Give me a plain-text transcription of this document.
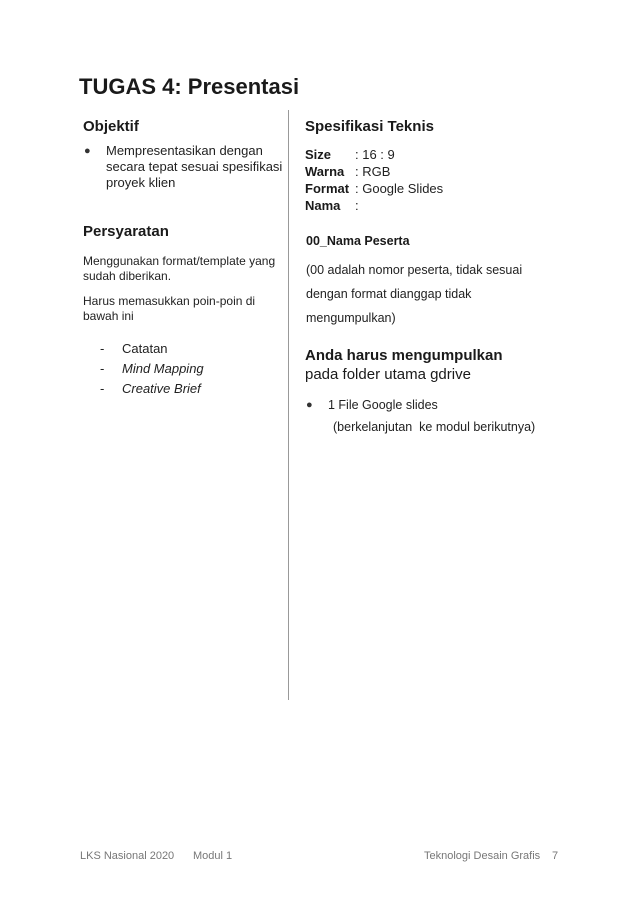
TUGAS 4: Presentasi
Objektif
●	Mempresentasikan dengan
secara tepat sesuai spesifikasi
proyek klien
Persyaratan
Menggunakan format/template yang
sudah diberikan.
Harus memasukkan poin-poin di
bawah ini
-	Catatan
-	Mind Mapping
-	Creative Brief
Spesifikasi Teknis
Size	: 16 : 9
Warna	: RGB
Format	: Google Slides
Nama	:
00_Nama Peserta

(00 adalah nomor peserta, tidak sesuai

dengan format dianggap tidak

mengumpulkan)

Anda harus mengumpulkan
pada folder utama gdrive
●	1 File Google slides
(berkelanjutan  ke modul berikutnya)
LKS Nasional 2020 Modul 1	Teknologi Desain Grafis 7
